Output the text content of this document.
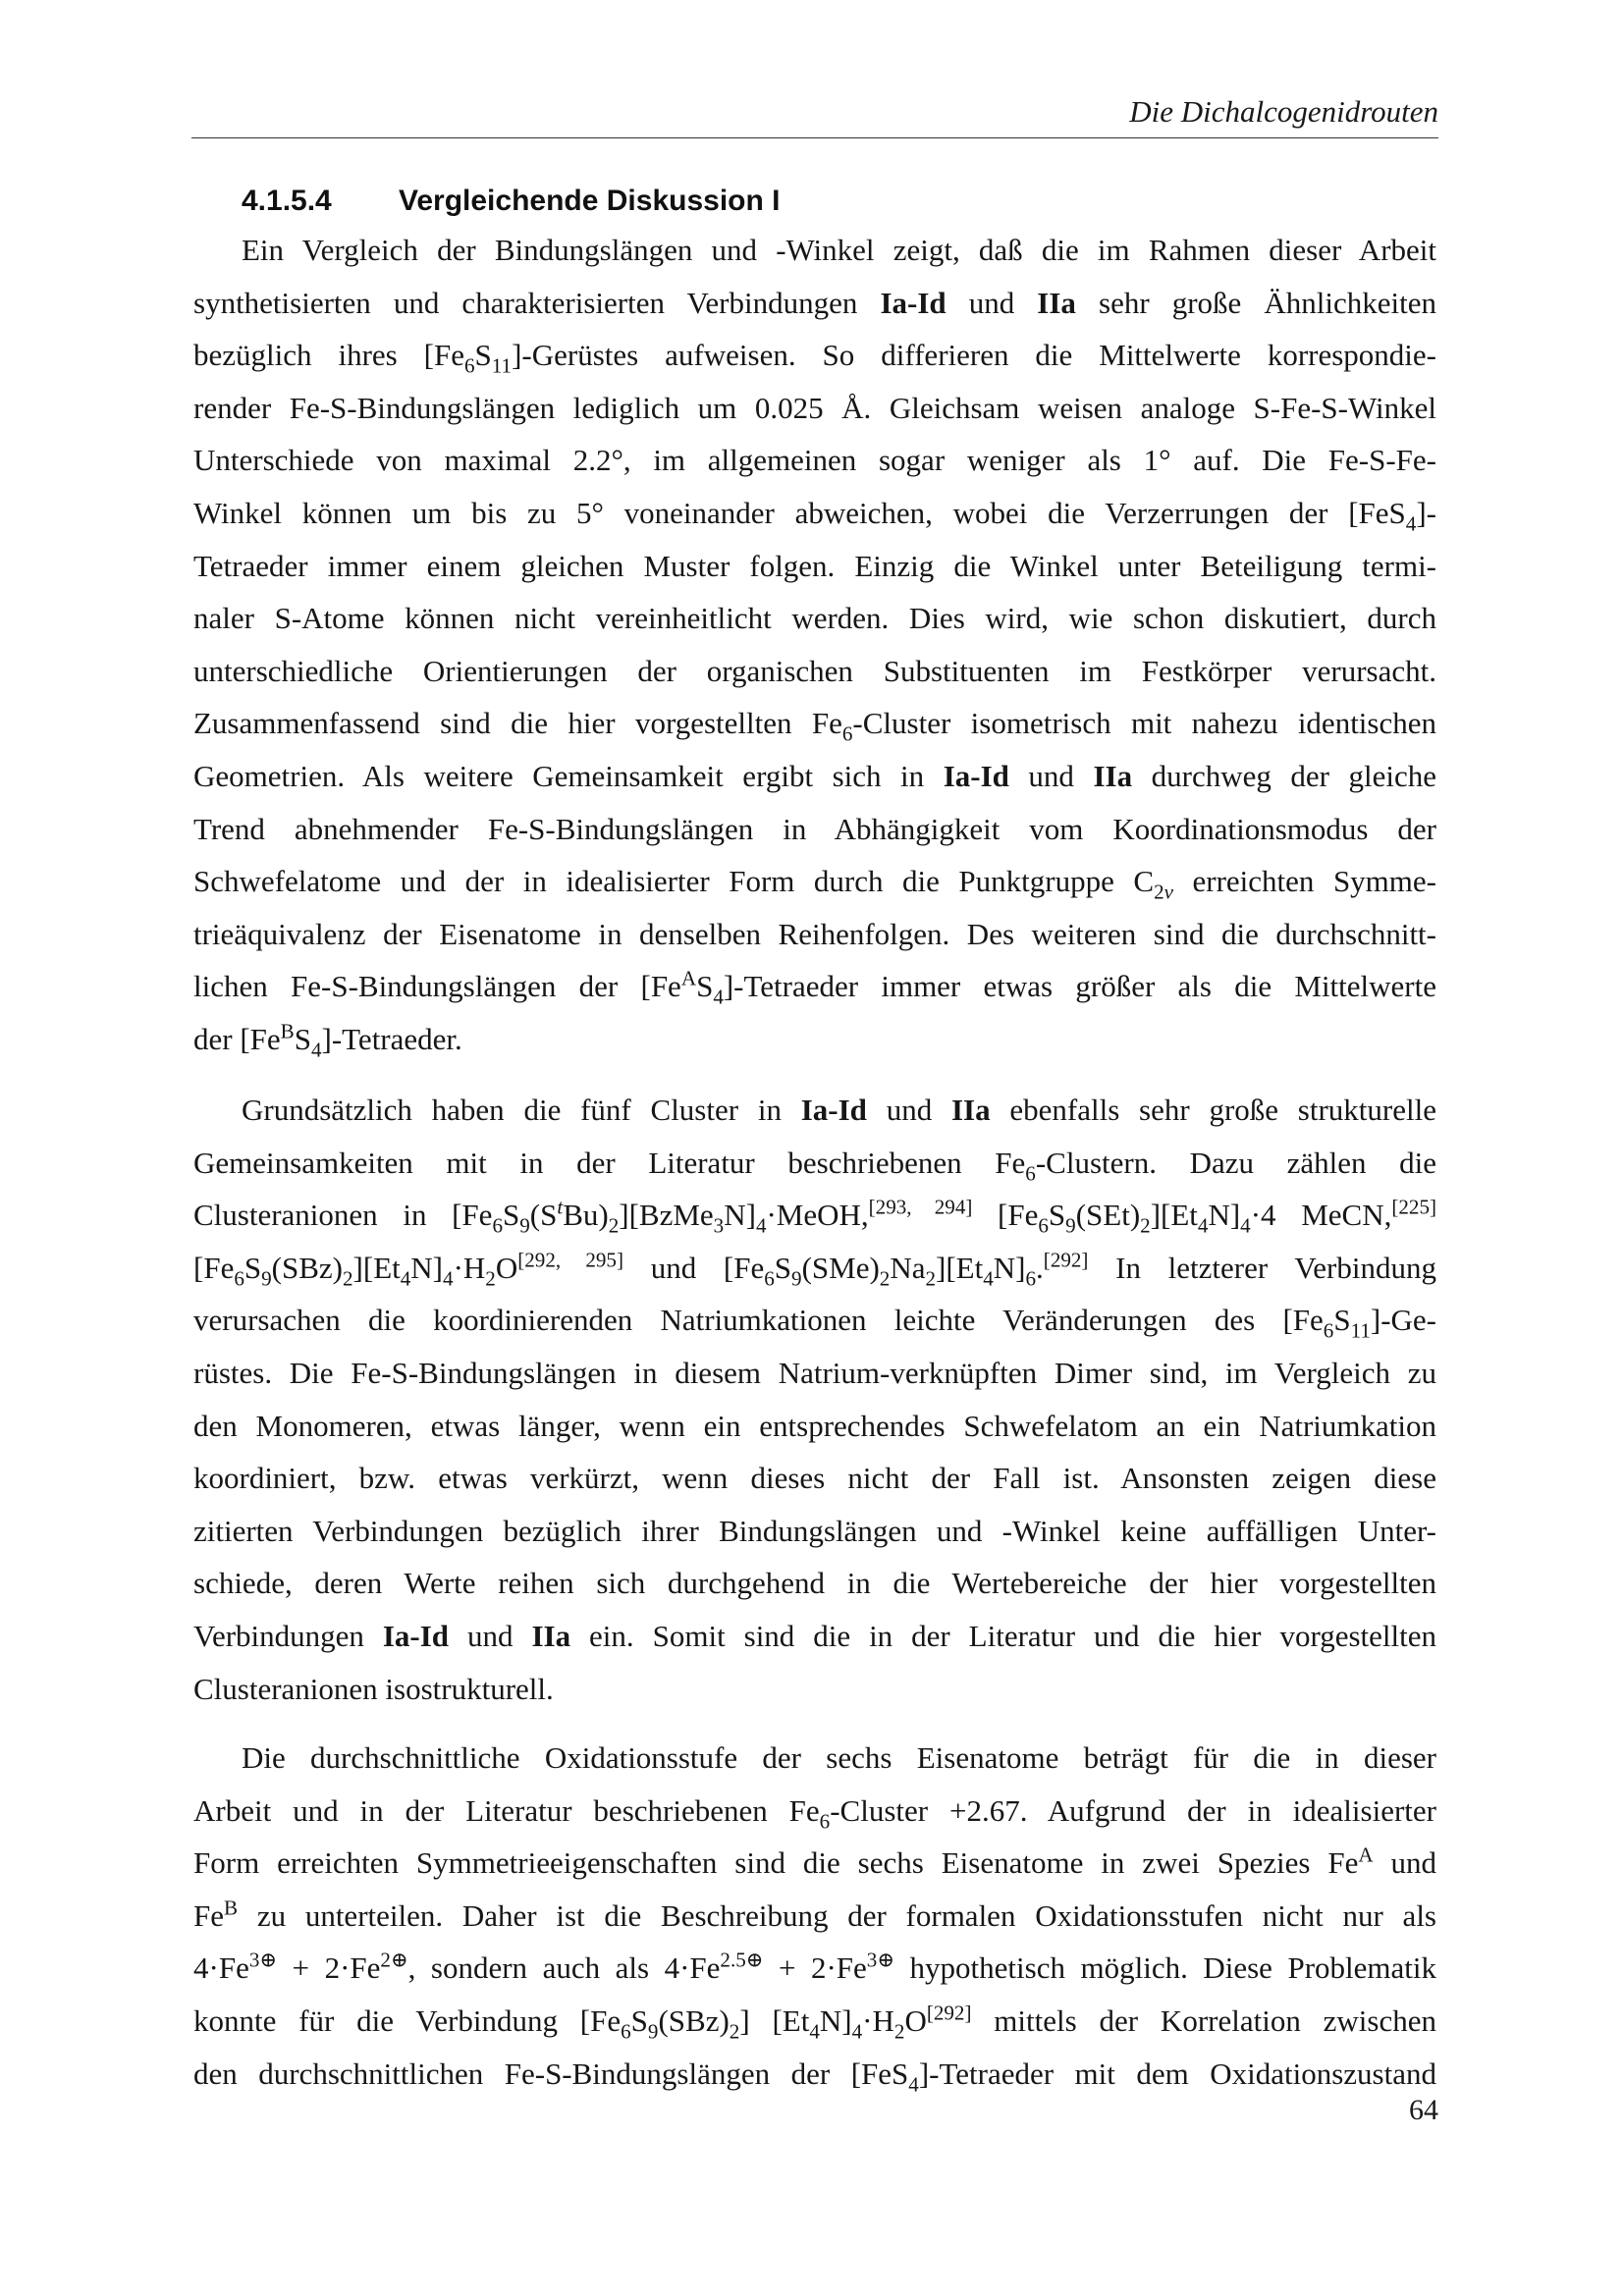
Die Dichalcogenidrouten
4.1.5.4 Vergleichende Diskussion I
Ein Vergleich der Bindungslängen und -Winkel zeigt, daß die im Rahmen dieser Arbeit
synthetisierten und charakterisierten Verbindungen Ia-Id und IIa sehr große Ähnlichkeiten
bezüglich ihres $[Fe_6S_{11}]$-Gerüstes aufweisen. So differieren die Mittelwerte korrespondie-
render Fe-S-Bindungslängen lediglich um 0.025 Å. Gleichsam weisen analoge S-Fe-S-Winkel
Unterschiede von maximal 2.2°, im allgemeinen sogar weniger als 1° auf. Die Fe-S-Fe-
Winkel können um bis zu 5° voneinander abweichen, wobei die Verzerrungen der [FeS$_4$]-
Tetraeder immer einem gleichen Muster folgen. Einzig die Winkel unter Beteiligung termi-
naler S-Atome können nicht vereinheitlicht werden. Dies wird, wie schon diskutiert, durch
unterschiedliche Orientierungen der organischen Substituenten im Festkörper verursacht.
Zusammenfassend sind die hier vorgestellten $Fe_6$-Cluster isometrisch mit nahezu identischen
Geometrien. Als weitere Gemeinsamkeit ergibt sich in Ia-Id und IIa durchweg der gleiche
Trend abnehmender Fe-S-Bindungslängen in Abhängigkeit vom Koordinationsmodus der
Schwefelatome und der in idealisierter Form durch die Punktgruppe $C_{2v}$ erreichten Symme-
trieäquivalenz der Eisenatome in denselben Reihenfolgen. Des weiteren sind die durchschnitt-
lichen Fe-S-Bindungslängen der $[Fe^AS_4]$-Tetraeder immer etwas größer als die Mittelwerte
der $[Fe^BS_4]$-Tetraeder.
Grundsätzlich haben die fünf Cluster in Ia-Id und IIa ebenfalls sehr große strukturelle
Gemeinsamkeiten mit in der Literatur beschriebenen $Fe_6$-Clustern. Dazu zählen die
Clusteranionen in $[Fe_6S_9(S^tBu)_2][BzMe_3N]_4\cdot MeOH,[293, 294]$ $[Fe_6S_9(SEt)_2][Et_4N]_4\cdot 4$ MeCN,[225]
$[Fe_6S_9(SBz)_2][Et_4N]_4\cdot H_2O[292, 295]$ und $[Fe_6S_9(SMe)_2Na_2][Et_4N]_6.[292]$ In letzterer Verbindung
verursachen die koordinierenden Natriumkationen leichte Veränderungen des $[Fe_6S_{11}]-Ge-$
rüstes. Die Fe-S-Bindungslängen in diesem Natrium-verknüpften Dimer sind, im Vergleich zu
den Monomeren, etwas länger, wenn ein entsprechendes Schwefelatom an ein Natriumkation
koordiniert, bzw. etwas verkürzt, wenn dieses nicht der Fall ist. Ansonsten zeigen diese
zitierten Verbindungen bezüglich ihrer Bindungslängen und -Winkel keine auffälligen Unter-
schiede, deren Werte reihen sich durchgehend in die Wertebereiche der hier vorgestellten
Verbindungen Ia-Id und IIa ein. Somit sind die in der Literatur und die hier vorgestellten
Clusteranionen isostrukturell.
Die durchschnittliche Oxidationsstufe der sechs Eisenatome beträgt für die in dieser
Arbeit und in der Literatur beschriebenen $Fe_6$-Cluster +2.67. Aufgrund der in idealisierter
Form erreichten Symmetrieeigenschaften sind die sechs Eisenatome in zwei Spezies $Fe^A$ und
$Fe^B$ zu unterteilen. Daher ist die Beschreibung der formalen Oxidationsstufen nicht nur als
$4\cdot Fe^{3\oplus} + 2\cdot Fe^{2\oplus}$, sondern auch als $4\cdot Fe^{2.5\oplus} + 2\cdot Fe^{3\oplus}$ hypothetisch möglich. Diese Problematik
konnte für die Verbindung $[Fe_6S_9(SBz)_2]$ $[Et_4N]_4\cdot H_2O[292]$ mittels der Korrelation zwischen
den durchschnittlichen Fe-S-Bindungslängen der [FeS$_4$]-Tetraeder mit dem Oxidationszustand
64
